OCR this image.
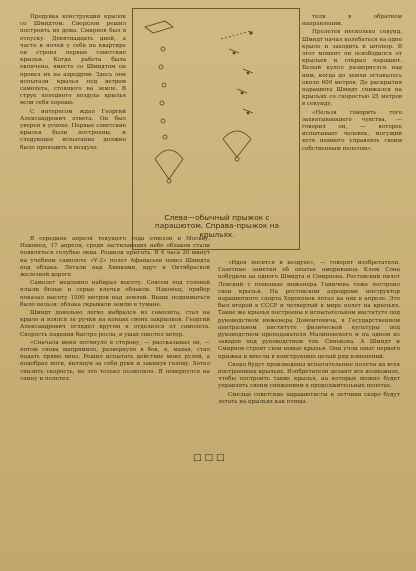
Продувка конструкции крылок со Шмидтом. Сверхзон решил построить их дома. Смирнов был в отпуску. Девятнадцать дней, а часто и ночей у себя на квартире он строил первые советские крылья. Когда работа была окончена, вместе со Шмидтом он провел их на аэродром. Здесь они испытали крылья под ветром самолета, стоящего на земле. В струе холодного воздуха крылья вели себя хорошо.

С интересом ждал Георгий Александрович ответа. Он был уверен в успехе. Первые советские крылья были построены, и следующее испытание должно было проходить в воздухе.

Слева—обычный прыжок с парашютом. Справа-прыжок на крыльях.

теля в обратном направлении.

Пролетев несколько секунд, Шмидт начал колебаться на одно крыло и заходить в штопор. В этот момент он освободился от крыльев и открыл парашют. Белый купол развернулся над ним, когда до земли оставалось около 600 метров. До раскрытия парашюта Шмидт снижался на крыльях со скоростью 25 метров в секунду.

«Нельзя говорить того захватывающего чувства, — говорил он, — которое испытывает человек, могущий хотя немного управлять своим собственным полетом».

В середине апреля текущего года отвезли в Москву. Наконец, 17 апреля, среди застилающих небо облаков стали появляться голубые окна. Решили прыгать. В 4 часа 20 минут на учебном самолете «У-2» полет Афанасьев повез Шмидта под облака. Летали над Химками, идут к Октябрьской железной дороге.

Самолет медленно набирал высоту. Совсем под головой плыли белые и серые клочья облаков. Наконец, прибор показал высоту 1500 метров над землей. Выше подниматься было нельзя: облака скрывали землю в тумане.

Шмидт довольно легко выбрался из самолета, стал на крыло и взялся за ручки на концах своих закрылков. Георгий Александрович оглядел кругом и отделился от самолета. Скорость падения быстро росла, в ушах свистел ветер.

«Сначала меня потянуло в сторону, — рассказывал он, — потом снова выпрямило, развернуло в бок, я, махая, стал падать прямо вниз. Решил испытать действие моих рулей, а подобрал ноги, вытянув за себя руки и закинув голову. Хотел снизить скорость, но это только позволяло. Я повернулся на спину и полетел.

«Идея носится в воздухе», — говорят изобретатели. Газетные заметки об опытах американца Клем Сона побудили на одного Шмидта и Смирнова. Ростовский пилот Левский с помощью инженера Ганичева тоже построил свои крылья. На ростовском аэродроме инструктор парашютного спорта Хорохонов летал на них в апреле. Это был второй в СССР и четвертый в мире полет на крыльях. Такие же крылья построены в испытательном институте под руководством инженера Домонтовича, в Государственном центральном институте физической культуры под руководством преподавателя Малиновского и на одном из заводов под руководством тов. Синькова. А Шмидт и Смирнов строят свои новые крылья. Они учли опыт первого прыжка и внесли в конструкцию целый ряд изменений.

Скоро будут произведены испытательные полеты на всех построенных крыльях. Изобретатели делают все возможное, чтобы построить такие крылья, на которых можно будет управлять своим снижением в продолжительных полетах.

Смелые советские парашютисты и летчики скоро будут летать на крыльях как птицы.

□□□
